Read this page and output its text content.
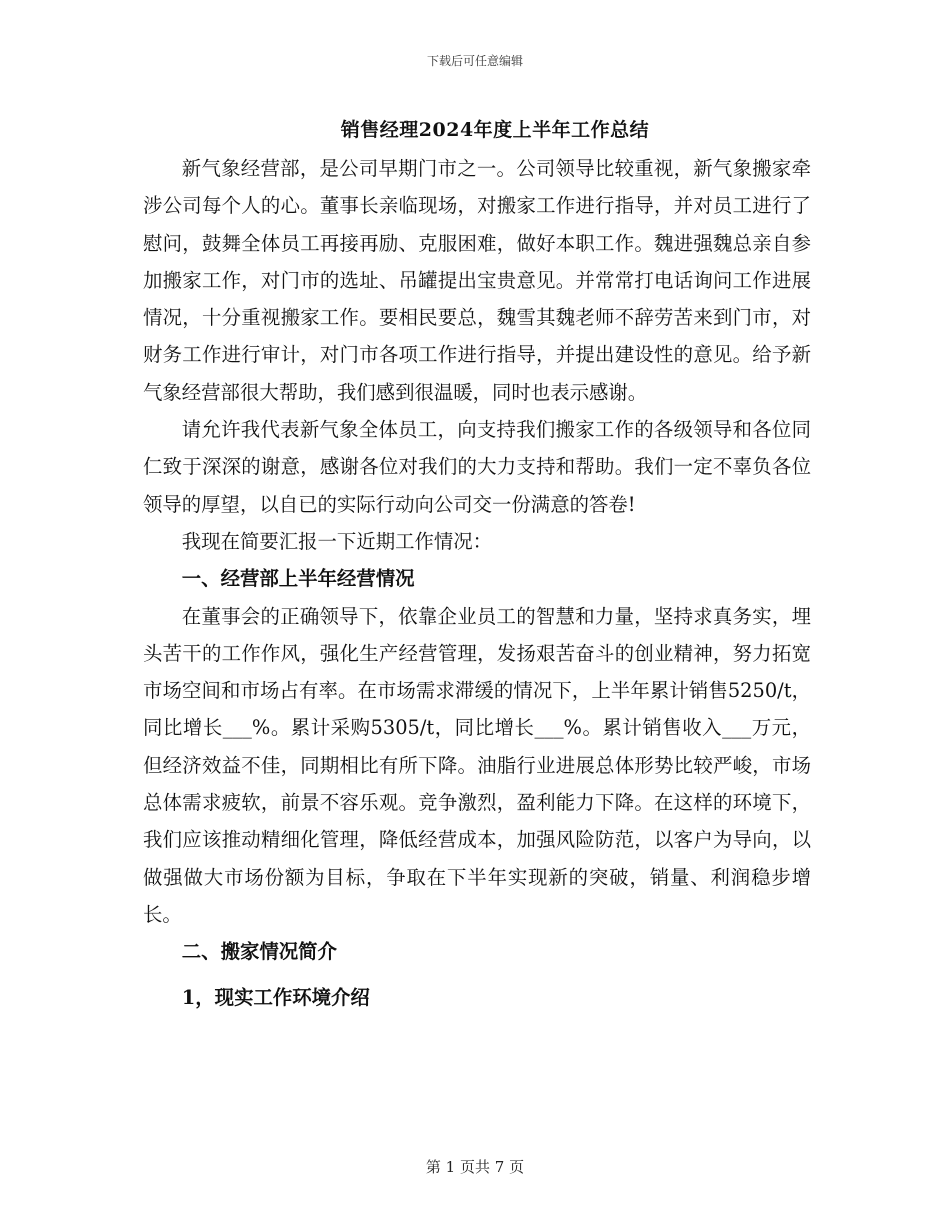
下载后可任意编辑
销售经理2024年度上半年工作总结

新气象经营部，是公司早期门市之一。公司领导比较重视，新气象搬家牵涉公司每个人的心。董事长亲临现场，对搬家工作进行指导，并对员工进行了慰问，鼓舞全体员工再接再励、克服困难，做好本职工作。魏进强魏总亲自参加搬家工作，对门市的选址、吊罐提出宝贵意见。并常常打电话询问工作进展情况，十分重视搬家工作。要相民要总，魏雪其魏老师不辞劳苦来到门市，对财务工作进行审计，对门市各项工作进行指导，并提出建设性的意见。给予新气象经营部很大帮助，我们感到很温暖，同时也表示感谢。

请允许我代表新气象全体员工，向支持我们搬家工作的各级领导和各位同仁致于深深的谢意，感谢各位对我们的大力支持和帮助。我们一定不辜负各位领导的厚望，以自已的实际行动向公司交一份满意的答卷!

我现在简要汇报一下近期工作情况：

一、经营部上半年经营情况

在董事会的正确领导下，依靠企业员工的智慧和力量，坚持求真务实，埋头苦干的工作作风，强化生产经营管理，发扬艰苦奋斗的创业精神，努力拓宽市场空间和市场占有率。在市场需求滞缓的情况下，上半年累计销售5250/t，同比增长___%。累计采购5305/t，同比增长___%。累计销售收入___万元，但经济效益不佳，同期相比有所下降。油脂行业进展总体形势比较严峻，市场总体需求疲软，前景不容乐观。竞争激烈，盈利能力下降。在这样的环境下，我们应该推动精细化管理，降低经营成本，加强风险防范，以客户为导向，以做强做大市场份额为目标，争取在下半年实现新的突破，销量、利润稳步增长。

二、搬家情况简介

1，现实工作环境介绍

第 1 页共 7 页
